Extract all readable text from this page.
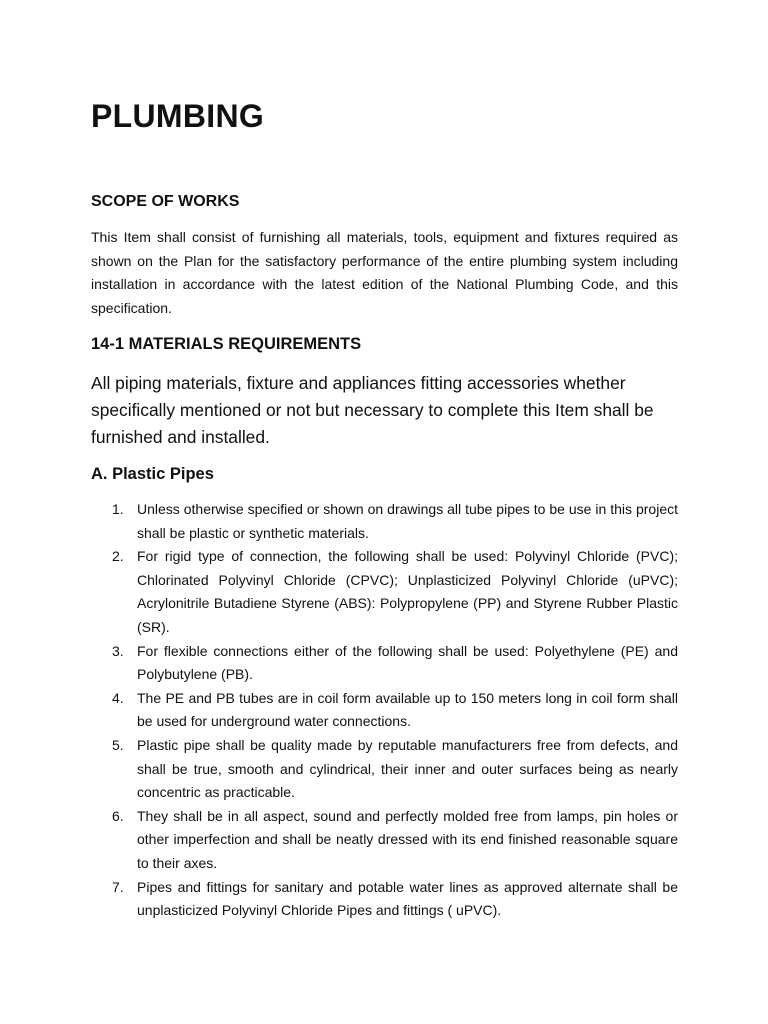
PLUMBING
SCOPE OF WORKS

This Item shall consist of furnishing all materials, tools, equipment and fixtures required as shown on the Plan for the satisfactory performance of the entire plumbing system including installation in accordance with the latest edition of the National Plumbing Code, and this specification.

14-1 MATERIALS REQUIREMENTS

All piping materials, fixture and appliances fitting accessories whether specifically mentioned or not but necessary to complete this Item shall be furnished and installed.

A. Plastic Pipes
1. Unless otherwise specified or shown on drawings all tube pipes to be use in this project shall be plastic or synthetic materials.
2. For rigid type of connection, the following shall be used: Polyvinyl Chloride (PVC); Chlorinated Polyvinyl Chloride (CPVC); Unplasticized Polyvinyl Chloride (uPVC); Acrylonitrile Butadiene Styrene (ABS): Polypropylene (PP) and Styrene Rubber Plastic (SR).
3. For flexible connections either of the following shall be used: Polyethylene (PE) and Polybutylene (PB).
4. The PE and PB tubes are in coil form available up to 150 meters long in coil form shall be used for underground water connections.
5. Plastic pipe shall be quality made by reputable manufacturers free from defects, and shall be true, smooth and cylindrical, their inner and outer surfaces being as nearly concentric as practicable.
6. They shall be in all aspect, sound and perfectly molded free from lamps, pin holes or other imperfection and shall be neatly dressed with its end finished reasonable square to their axes.
7. Pipes and fittings for sanitary and potable water lines as approved alternate shall be unplasticized Polyvinyl Chloride Pipes and fittings ( uPVC).
